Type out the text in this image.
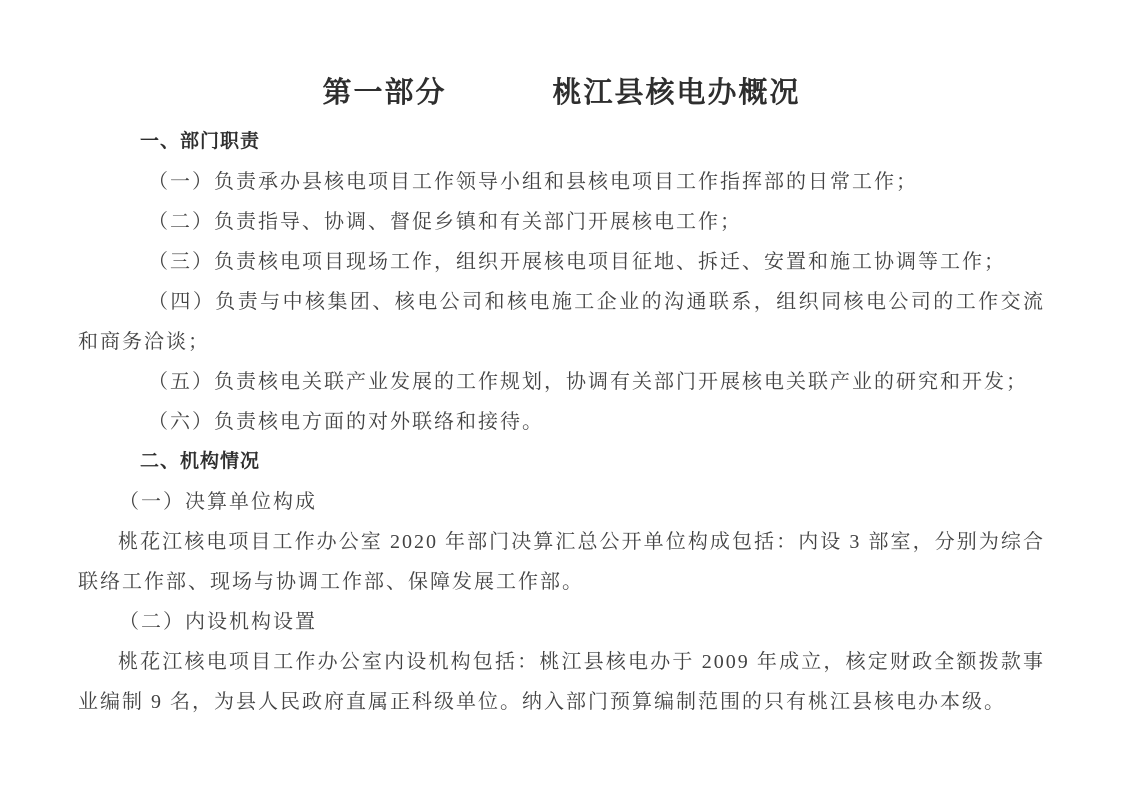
第一部分	桃江县核电办概况
一、部门职责

（一）负责承办县核电项目工作领导小组和县核电项目工作指挥部的日常工作；

（二）负责指导、协调、督促乡镇和有关部门开展核电工作；

（三）负责核电项目现场工作，组织开展核电项目征地、拆迁、安置和施工协调等工作；

（四）负责与中核集团、核电公司和核电施工企业的沟通联系，组织同核电公司的工作交流和商务洽谈；

（五）负责核电关联产业发展的工作规划，协调有关部门开展核电关联产业的研究和开发；

（六）负责核电方面的对外联络和接待。

二、机构情况

（一）决算单位构成

桃花江核电项目工作办公室 2020 年部门决算汇总公开单位构成包括：内设 3 部室，分别为综合联络工作部、现场与协调工作部、保障发展工作部。

（二）内设机构设置

桃花江核电项目工作办公室内设机构包括：桃江县核电办于 2009 年成立，核定财政全额拨款事业编制 9 名，为县人民政府直属正科级单位。纳入部门预算编制范围的只有桃江县核电办本级。
